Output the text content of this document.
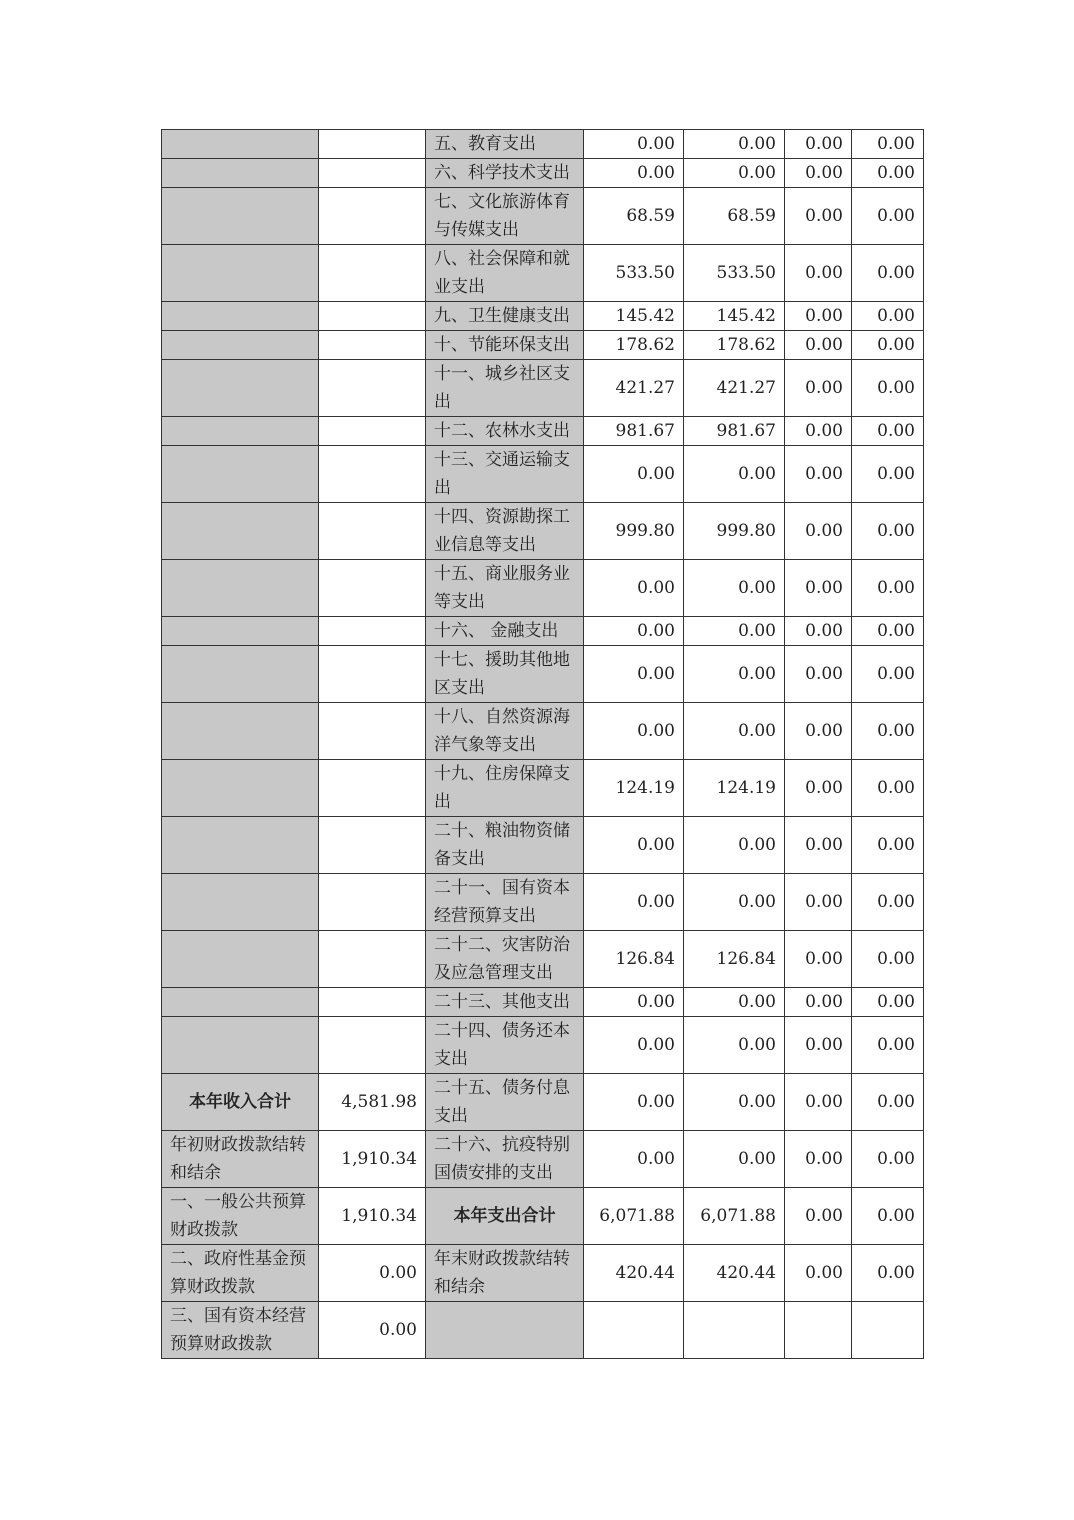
		五、教育支出	0.00	0.00	0.00	0.00
		六、科学技术支出	0.00	0.00	0.00	0.00
		七、文化旅游体育与传媒支出	68.59	68.59	0.00	0.00
		八、社会保障和就业支出	533.50	533.50	0.00	0.00
		九、卫生健康支出	145.42	145.42	0.00	0.00
		十、节能环保支出	178.62	178.62	0.00	0.00
		十一、城乡社区支出	421.27	421.27	0.00	0.00
		十二、农林水支出	981.67	981.67	0.00	0.00
		十三、交通运输支出	0.00	0.00	0.00	0.00
		十四、资源勘探工业信息等支出	999.80	999.80	0.00	0.00
		十五、商业服务业等支出	0.00	0.00	0.00	0.00
		十六、 金融支出	0.00	0.00	0.00	0.00
		十七、援助其他地区支出	0.00	0.00	0.00	0.00
		十八、自然资源海洋气象等支出	0.00	0.00	0.00	0.00
		十九、住房保障支出	124.19	124.19	0.00	0.00
		二十、粮油物资储备支出	0.00	0.00	0.00	0.00
		二十一、国有资本经营预算支出	0.00	0.00	0.00	0.00
		二十二、灾害防治及应急管理支出	126.84	126.84	0.00	0.00
		二十三、其他支出	0.00	0.00	0.00	0.00
		二十四、债务还本支出	0.00	0.00	0.00	0.00
本年收入合计	4,581.98	二十五、债务付息支出	0.00	0.00	0.00	0.00
年初财政拨款结转和结余	1,910.34	二十六、抗疫特别国债安排的支出	0.00	0.00	0.00	0.00
一、一般公共预算财政拨款	1,910.34	本年支出合计	6,071.88	6,071.88	0.00	0.00
二、政府性基金预算财政拨款	0.00	年末财政拨款结转和结余	420.44	420.44	0.00	0.00
三、国有资本经营预算财政拨款	0.00					
